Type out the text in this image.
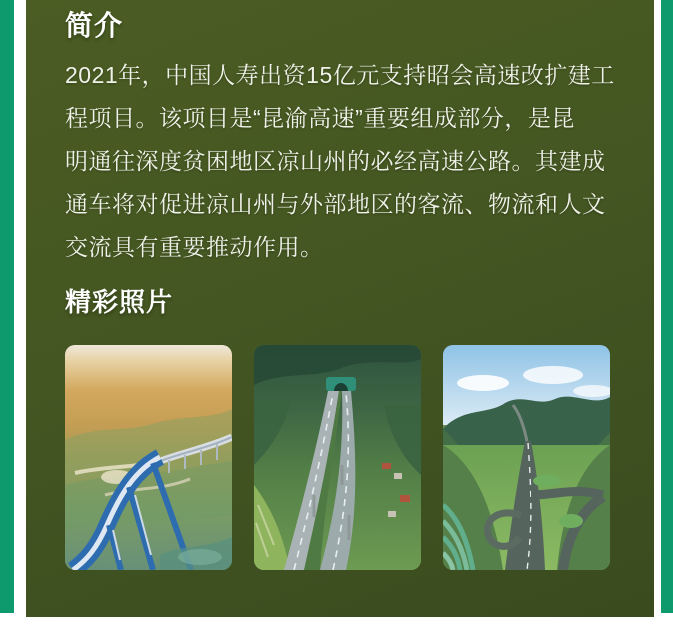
简介
2021年，中国人寿出资15亿元支持昭会高速改扩建工
程项目。该项目是“昆渝高速”重要组成部分，是昆
明通往深度贫困地区凉山州的必经高速公路。其建成
通车将对促进凉山州与外部地区的客流、物流和人文
交流具有重要推动作用。
精彩照片
